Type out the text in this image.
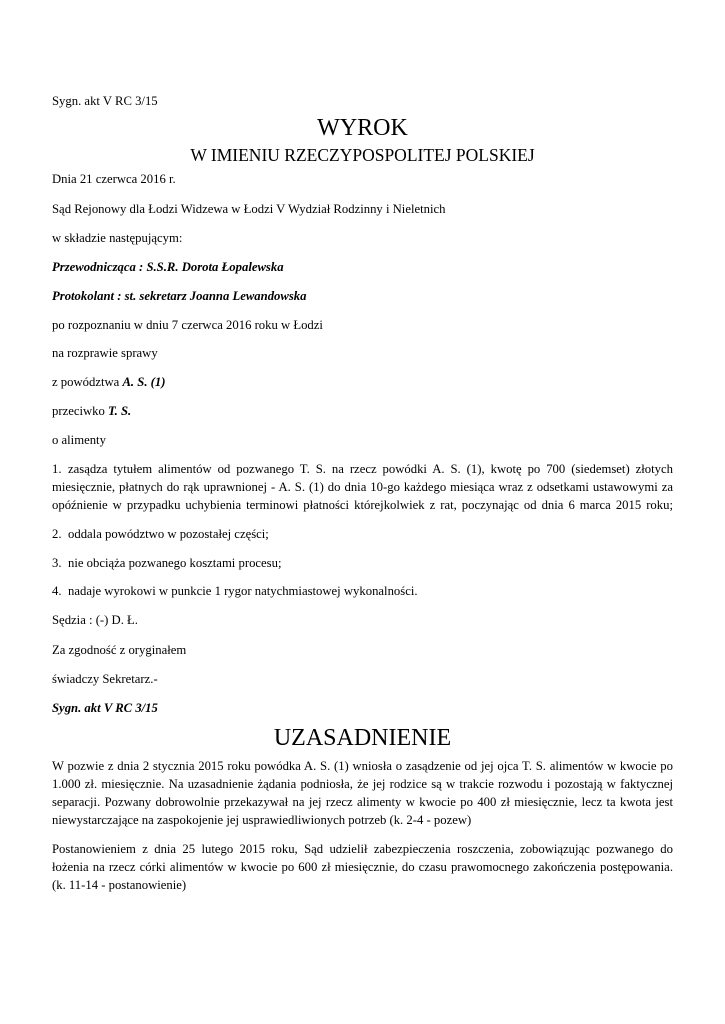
Sygn. akt V RC 3/15
WYROK
W IMIENIU RZECZYPOSPOLITEJ POLSKIEJ
Dnia 21 czerwca 2016 r.
Sąd Rejonowy dla Łodzi Widzewa w Łodzi V Wydział Rodzinny i Nieletnich
w składzie następującym:
Przewodnicząca : S.S.R. Dorota Łopalewska
Protokolant : st. sekretarz Joanna Lewandowska
po rozpoznaniu w dniu 7 czerwca 2016 roku w Łodzi
na rozprawie sprawy
z powództwa A. S. (1)
przeciwko T. S.
o alimenty
1. zasądza tytułem alimentów od pozwanego T. S. na rzecz powódki A. S. (1), kwotę po 700 (siedemset) złotych
miesięcznie, płatnych do rąk uprawnionej - A. S. (1) do dnia 10-go każdego miesiąca wraz z odsetkami ustawowymi za
opóźnienie w przypadku uchybienia terminowi płatności którejkolwiek z rat, poczynając od dnia 6 marca 2015 roku;
2. oddala powództwo w pozostałej części;
3. nie obciąża pozwanego kosztami procesu;
4. nadaje wyrokowi w punkcie 1 rygor natychmiastowej wykonalności.
Sędzia : (-) D. Ł.
Za zgodność z oryginałem
świadczy Sekretarz.-
Sygn. akt V RC 3/15
UZASADNIENIE
W pozwie z dnia 2 stycznia 2015 roku powódka A. S. (1) wniosła o zasądzenie od jej ojca T. S. alimentów w kwocie po
1.000 zł. miesięcznie. Na uzasadnienie żądania podniosła, że jej rodzice są w trakcie rozwodu i pozostają w faktycznej
separacji. Pozwany dobrowolnie przekazywał na jej rzecz alimenty w kwocie po 400 zł miesięcznie, lecz ta kwota jest
niewystarczające na zaspokojenie jej usprawiedliwionych potrzeb (k. 2-4 - pozew)
Postanowieniem z dnia 25 lutego 2015 roku, Sąd udzielił zabezpieczenia roszczenia, zobowiązując pozwanego do
łożenia na rzecz córki alimentów w kwocie po 600 zł miesięcznie, do czasu prawomocnego zakończenia postępowania.
(k. 11-14 - postanowienie)
